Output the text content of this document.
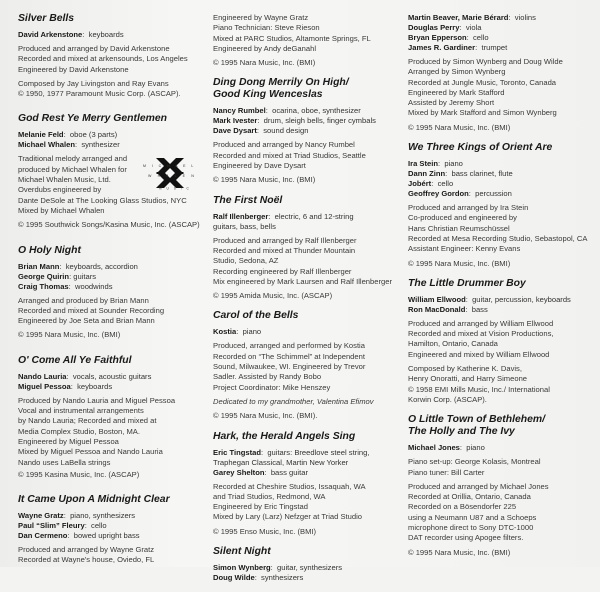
Silver Bells
David Arkenstone:  keyboards
Produced and arranged by David Arkenstone
Recorded and mixed at arkensounds, Los Angeles
Engineered by David Arkenstone
Composed by Jay Livingston and Ray Evans
© 1950, 1977 Paramount Music Corp. (ASCAP).
God Rest Ye Merry Gentlemen
Melanie Feld:  oboe (3 parts)
Michael Whalen:  synthesizer
M I C H A E L
W H A L E N
M U S I C
Traditional melody arranged and
produced by Michael Whalen for
Michael Whalen Music, Ltd.
Overdubs engineered by
Dante DeSole at The Looking Glass Studios, NYC
Mixed by Michael Whalen
© 1995 Southwick Songs/Kasina Music, Inc. (ASCAP)
O Holy Night
Brian Mann:  keyboards, accordion
George Quirin: guitars
Craig Thomas:  woodwinds
Arranged and produced by Brian Mann
Recorded and mixed at Sounder Recording
Engineered by Joe Seta and Brian Mann
© 1995 Nara Music, Inc. (BMI)
O' Come All Ye Faithful
Nando Lauria:  vocals, acoustic guitars
Miguel Pessoa:  keyboards
Produced by Nando Lauria and Miguel Pessoa
Vocal and instrumental arrangements
by Nando Lauria; Recorded and mixed at
Media Complex Studio, Boston, MA.
Engineered by Miguel Pessoa
Mixed by Miguel Pessoa and Nando Lauria
Nando uses LaBella strings
© 1995 Kasina Music, Inc. (ASCAP)
It Came Upon A Midnight Clear
Wayne Gratz:  piano, synthesizers
Paul “Slim” Fleury:  cello
Dan Cermeno:  bowed upright bass
Produced and arranged by Wayne Gratz
Recorded at Wayne's house, Oviedo, FL
Engineered by Wayne Gratz
Piano Technician: Steve Rieson
Mixed at PARC Studios, Altamonte Springs, FL
Engineered by Andy deGanahl
© 1995 Nara Music, Inc. (BMI)
Ding Dong Merrily On High/
Good King Wenceslas
Nancy Rumbel:  ocarina, oboe, synthesizer
Mark Ivester:  drum, sleigh bells, finger cymbals
Dave Dysart:  sound design
Produced and arranged by Nancy Rumbel
Recorded and mixed at Triad Studios, Seattle
Engineered by Dave Dysart
© 1995 Nara Music, Inc. (BMI)
The First Noël
Ralf Illenberger:  electric, 6 and 12-string
guitars, bass, bells
Produced and arranged by Ralf Illenberger
Recorded and mixed at Thunder Mountain
Studio, Sedona, AZ
Recording engineered by Ralf Illenberger
Mix engineered by Mark Laursen and Ralf Illenberger
© 1995 Amida Music, Inc. (ASCAP)
Carol of the Bells
Kostia:  piano
Produced, arranged and performed by Kostia
Recorded on “The Schimmel” at Independent
Sound, Milwaukee, WI. Engineered by Trevor
Sadler. Assisted by Randy Bobo
Project Coordinator: Mike Henszey
Dedicated to my grandmother, Valentina Efimov
© 1995 Nara Music, Inc. (BMI).
Hark, the Herald Angels Sing
Eric Tingstad:  guitars: Breedlove steel string,
Traphegan Classical, Martin New Yorker
Garey Shelton:  bass guitar
Recorded at Cheshire Studios, Issaquah, WA
and Triad Studios, Redmond, WA
Engineered by Eric Tingstad
Mixed by Lary (Larz) Nefzger at Triad Studio
© 1995 Enso Music, Inc. (BMI)
Silent Night
Simon Wynberg:  guitar, synthesizers
Doug Wilde:  synthesizers
Martin Beaver, Marie Bérard:  violins
Douglas Perry:  viola
Bryan Epperson:  cello
James R. Gardiner:  trumpet
Produced by Simon Wynberg and Doug Wilde
Arranged by Simon Wynberg
Recorded at Jungle Music, Toronto, Canada
Engineered by Mark Stafford
Assisted by Jeremy Short
Mixed by Mark Stafford and Simon Wynberg
© 1995 Nara Music, Inc. (BMI)
We Three Kings of Orient Are
Ira Stein:  piano
Dann Zinn:  bass clarinet, flute
Jobért:  cello
Geoffrey Gordon:  percussion
Produced and arranged by Ira Stein
Co-produced and engineered by
Hans Christian Reumschüssel
Recorded at Mesa Recording Studio, Sebastopol, CA
Assistant Engineer: Kenny Evans
© 1995 Nara Music, Inc. (BMI)
The Little Drummer Boy
William Ellwood:  guitar, percussion, keyboards
Ron MacDonald:  bass
Produced and arranged by William Ellwood
Recorded and mixed at Vision Productions,
Hamilton, Ontario, Canada
Engineered and mixed by William Ellwood
Composed by Katherine K. Davis,
Henry Onoratti, and Harry Simeone
© 1958 EMI Mills Music, Inc./ International
Korwin Corp. (ASCAP).
O Little Town of Bethlehem/
The Holly and The Ivy
Michael Jones:  piano
Piano set-up: George Kolasis, Montreal
Piano tuner: Bill Carter
Produced and arranged by Michael Jones
Recorded at Orillia, Ontario, Canada
Recorded on a Bösendorfer 225
using a Neumann U87 and a Schoeps
microphone direct to Sony DTC-1000
DAT recorder using Apogee filters.
© 1995 Nara Music, Inc. (BMI)
